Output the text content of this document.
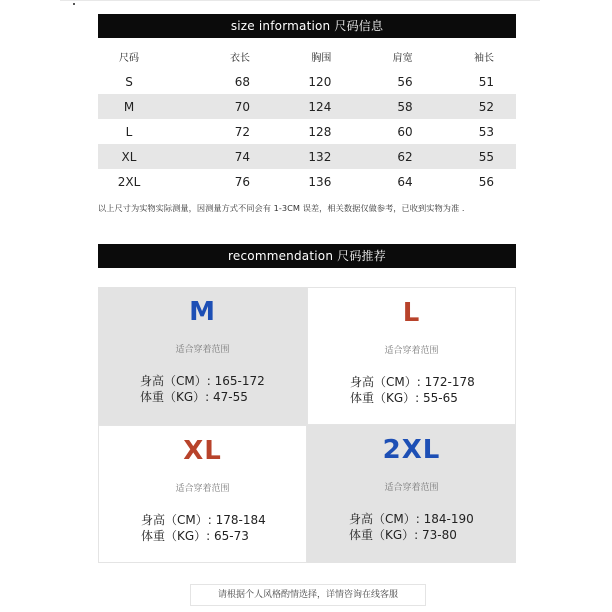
size information 尺码信息
尺码	衣长	胸围	肩宽	袖长
S	68	120	56	51
M	70	124	58	52
L	72	128	60	53
XL	74	132	62	55
2XL	76	136	64	56
以上尺寸为实物实际测量，因测量方式不同会有 1-3CM 误差，相关数据仅做参考，已收到实物为准 .
recommendation 尺码推荐
M
适合穿着范围
身高（CM）: 165-172
体重（KG）: 47-55
L
适合穿着范围
身高（CM）: 172-178
体重（KG）: 55-65
XL
适合穿着范围
身高（CM）: 178-184
体重（KG）: 65-73
2XL
适合穿着范围
身高（CM）: 184-190
体重（KG）: 73-80
请根据个人风格酌情选择，详情咨询在线客服
